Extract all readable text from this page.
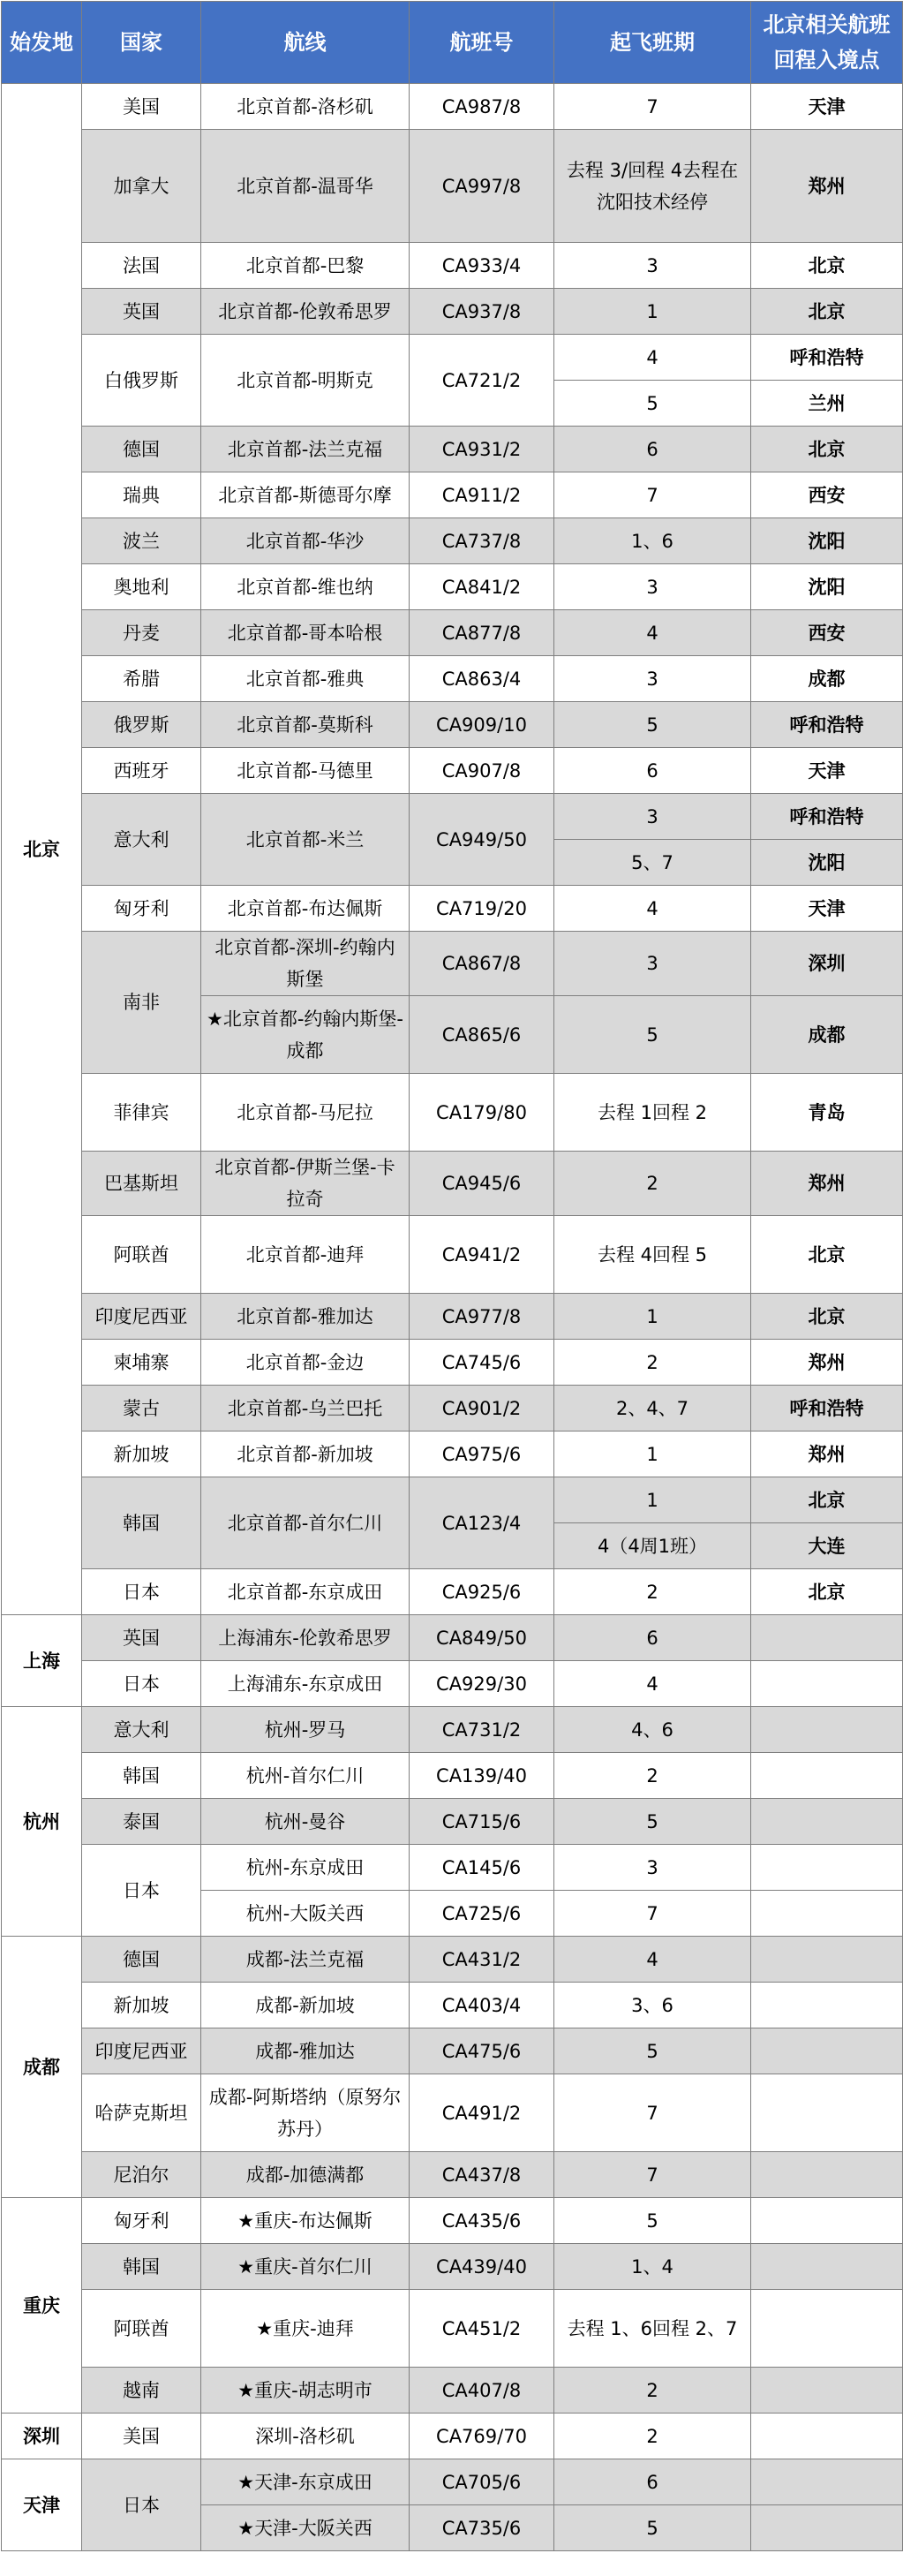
始发地	国家	航线	航班号	起飞班期	北京相关航班回程入境点
北京	美国	北京首都-洛杉矶	CA987/8	7	天津
	加拿大	北京首都-温哥华	CA997/8	去程 3/回程 4去程在沈阳技术经停	郑州
	法国	北京首都-巴黎	CA933/4	3	北京
	英国	北京首都-伦敦希思罗	CA937/8	1	北京
	白俄罗斯	北京首都-明斯克	CA721/2	4	呼和浩特
				5	兰州
	德国	北京首都-法兰克福	CA931/2	6	北京
	瑞典	北京首都-斯德哥尔摩	CA911/2	7	西安
	波兰	北京首都-华沙	CA737/8	1、6	沈阳
	奥地利	北京首都-维也纳	CA841/2	3	沈阳
	丹麦	北京首都-哥本哈根	CA877/8	4	西安
	希腊	北京首都-雅典	CA863/4	3	成都
	俄罗斯	北京首都-莫斯科	CA909/10	5	呼和浩特
	西班牙	北京首都-马德里	CA907/8	6	天津
	意大利	北京首都-米兰	CA949/50	3	呼和浩特
				5、7	沈阳
	匈牙利	北京首都-布达佩斯	CA719/20	4	天津
	南非	北京首都-深圳-约翰内斯堡	CA867/8	3	深圳
		★北京首都-约翰内斯堡-成都	CA865/6	5	成都
	菲律宾	北京首都-马尼拉	CA179/80	去程 1回程 2	青岛
	巴基斯坦	北京首都-伊斯兰堡-卡拉奇	CA945/6	2	郑州
	阿联酋	北京首都-迪拜	CA941/2	去程 4回程 5	北京
	印度尼西亚	北京首都-雅加达	CA977/8	1	北京
	柬埔寨	北京首都-金边	CA745/6	2	郑州
	蒙古	北京首都-乌兰巴托	CA901/2	2、4、7	呼和浩特
	新加坡	北京首都-新加坡	CA975/6	1	郑州
	韩国	北京首都-首尔仁川	CA123/4	1	北京
				4（4周1班）	大连
	日本	北京首都-东京成田	CA925/6	2	北京
上海	英国	上海浦东-伦敦希思罗	CA849/50	6	
	日本	上海浦东-东京成田	CA929/30	4	
杭州	意大利	杭州-罗马	CA731/2	4、6	
	韩国	杭州-首尔仁川	CA139/40	2	
	泰国	杭州-曼谷	CA715/6	5	
	日本	杭州-东京成田	CA145/6	3	
		杭州-大阪关西	CA725/6	7	
成都	德国	成都-法兰克福	CA431/2	4	
	新加坡	成都-新加坡	CA403/4	3、6	
	印度尼西亚	成都-雅加达	CA475/6	5	
	哈萨克斯坦	成都-阿斯塔纳（原努尔苏丹）	CA491/2	7	
	尼泊尔	成都-加德满都	CA437/8	7	
重庆	匈牙利	★重庆-布达佩斯	CA435/6	5	
	韩国	★重庆-首尔仁川	CA439/40	1、4	
	阿联酋	★重庆-迪拜	CA451/2	去程 1、6回程 2、7	
	越南	★重庆-胡志明市	CA407/8	2	
深圳	美国	深圳-洛杉矶	CA769/70	2	
天津	日本	★天津-东京成田	CA705/6	6	
		★天津-大阪关西	CA735/6	5	
